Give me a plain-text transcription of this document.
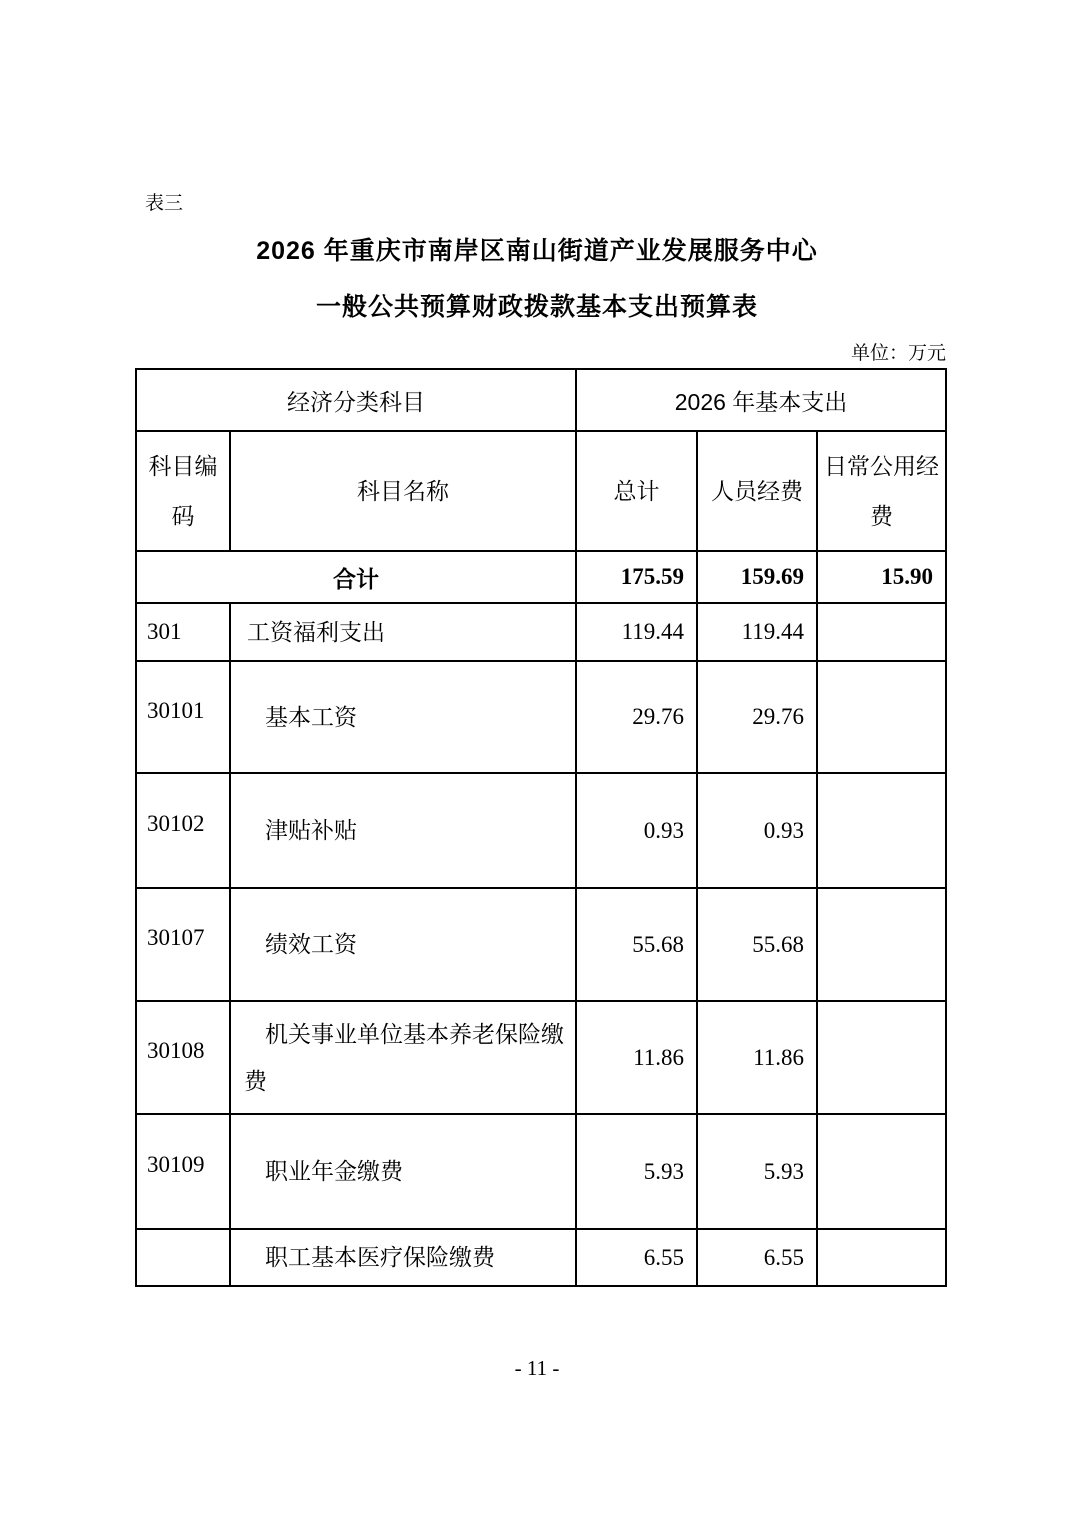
表三
2026 年重庆市南岸区南山街道产业发展服务中心
一般公共预算财政拨款基本支出预算表
单位：万元
经济分类科目		2026 年基本支出		
科目编码	科目名称	总计	人员经费	日常公用经费
合计		175.59	159.69	15.90
301	工资福利支出	119.44	119.44	
30101	基本工资	29.76	29.76	
30102	津贴补贴	0.93	0.93	
30107	绩效工资	55.68	55.68	
30108	机关事业单位基本养老保险缴费	11.86	11.86	
30109	职业年金缴费	5.93	5.93	
	职工基本医疗保险缴费	6.55	6.55	
- 11 -
